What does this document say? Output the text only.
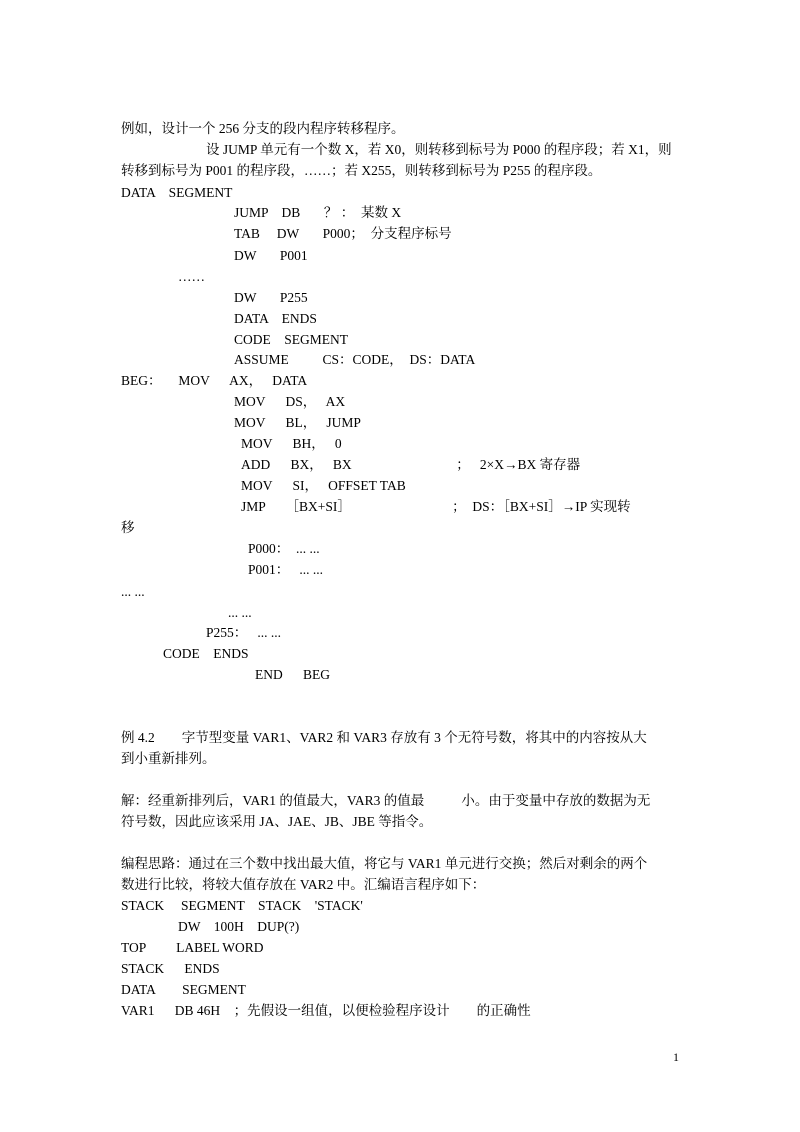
例如，设计一个 256 分支的段内程序转移程序。
设 JUMP 单元有一个数 X，若 X0，则转移到标号为 P000 的程序段；若 X1，则
转移到标号为 P001 的程序段，……；若 X255，则转移到标号为 P255 的程序段。
DATA    SEGMENT
JUMP    DB       ？ ：  某数 X
TAB     DW       P000；  分支程序标号
DW       P001
……
DW       P255
DATA    ENDS
CODE    SEGMENT
ASSUME          CS：CODE，  DS：DATA
BEG：     MOV      AX，   DATA
MOV      DS，   AX
MOV      BL，   JUMP
MOV      BH，   0
ADD      BX，   BX                               ；   2×X→BX 寄存器
MOV      SI，   OFFSET TAB
JMP      ［BX+SI］                              ；  DS：［BX+SI］→IP 实现转
移
P000：  ... ...
P001：   ... ...
... ...
... ...
P255：   ... ...
CODE    ENDS
END      BEG
例 4.2        字节型变量 VAR1、VAR2 和 VAR3 存放有 3 个无符号数，将其中的内容按从大
到小重新排列。
解：经重新排列后，VAR1 的值最大，VAR3 的值最           小。由于变量中存放的数据为无
符号数，因此应该采用 JA、JAE、JB、JBE 等指令。
编程思路：通过在三个数中找出最大值，将它与 VAR1 单元进行交换；然后对剩余的两个
数进行比较，将较大值存放在 VAR2 中。汇编语言程序如下：
STACK     SEGMENT    STACK    'STACK'
DW    100H    DUP(?)
TOP         LABEL WORD
STACK      ENDS
DATA        SEGMENT
VAR1      DB 46H    ；先假设一组值，以便检验程序设计        的正确性
1
